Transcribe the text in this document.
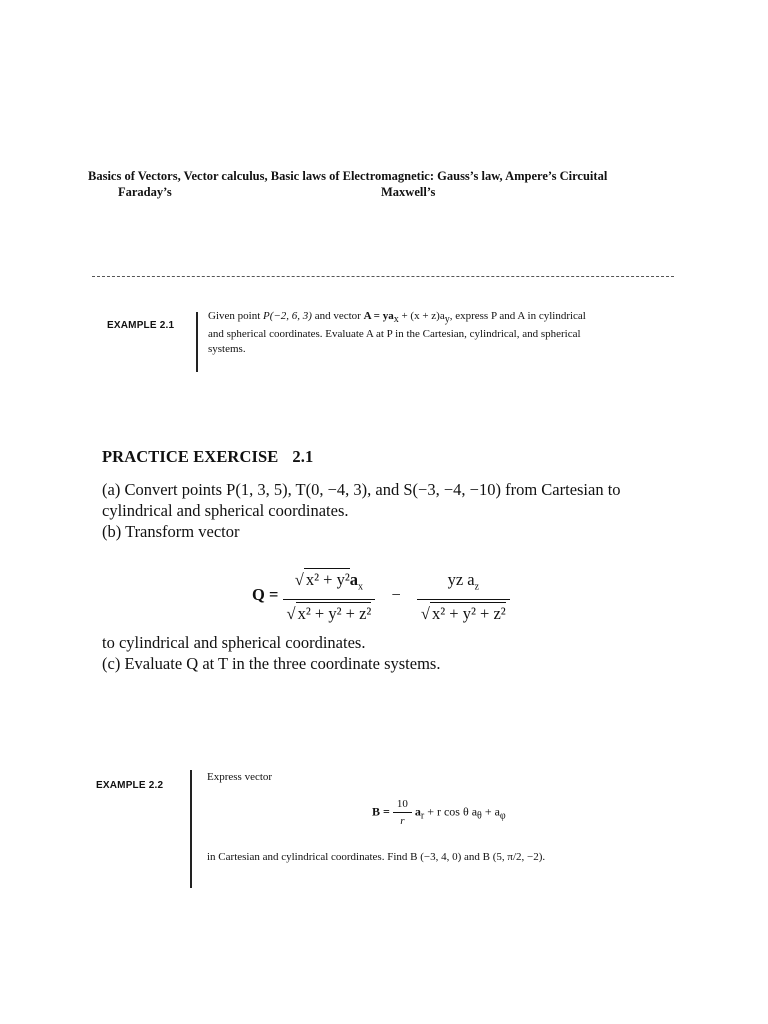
Basics of Vectors, Vector calculus, Basic laws of Electromagnetic: Gauss’s law, Ampere’s Circuital
Faraday’s	Maxwell’s
EXAMPLE 2.1
Given point P(−2, 6, 3) and vector $A = ya_x + (x + z)a_y$, express P and A in cylindrical
and spherical coordinates. Evaluate A at P in the Cartesian, cylindrical, and spherical
systems.
PRACTICE EXERCISE 2.1

(a) Convert points P(1, 3, 5), T(0, −4, 3), and S(−3, −4, −10) from Cartesian to

cylindrical and spherical coordinates.

(b) Transform vector

$Q = \frac{√ x^2 + y^2a_x}{\text{√ x² + y² + z²}} - \frac{yz a_z}{\text{√ x² + y² + z²}}$

to cylindrical and spherical coordinates.

(c) Evaluate Q at T in the three coordinate systems.

EXAMPLE 2.2
Express vector
$B = \frac{10}{r} a_r + r$ cos θ $a_\theta + a_\varphi$
in Cartesian and cylindrical coordinates. Find B (−3, 4, 0) and B (5, π/2, −2).
